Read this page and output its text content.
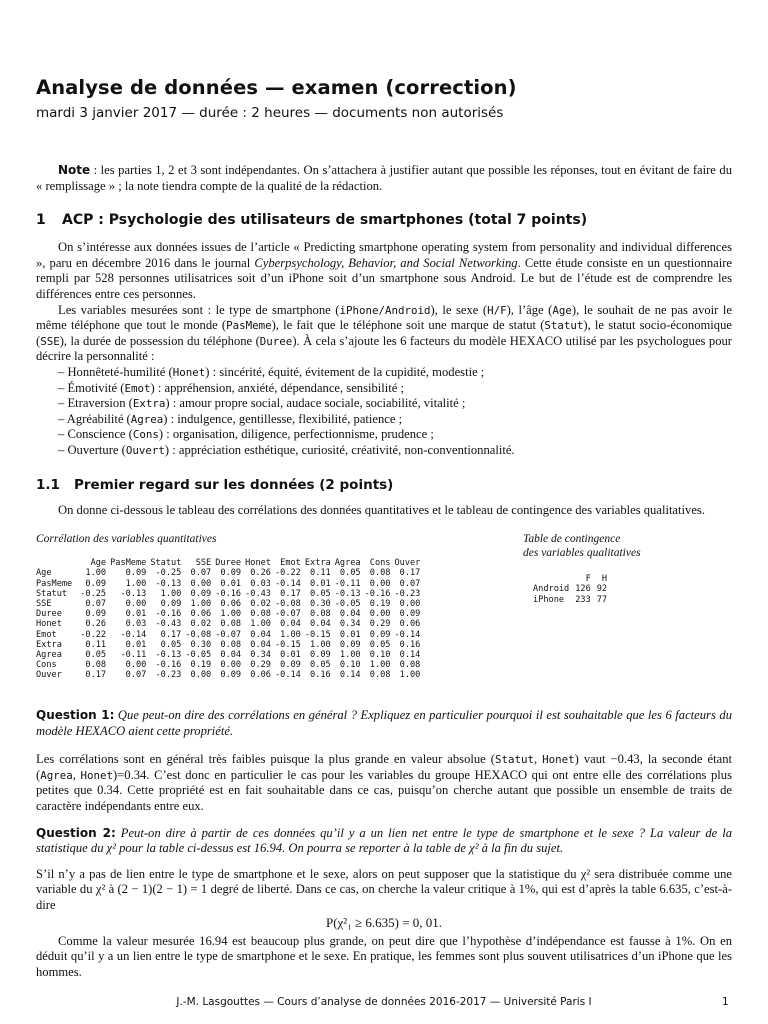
Analyse de données — examen (correction)
mardi 3 janvier 2017 — durée : 2 heures — documents non autorisés

Note : les parties 1, 2 et 3 sont indépendantes. On s’attachera à justifier autant que possible les réponses, tout en évitant de faire du « remplissage » ; la note tiendra compte de la qualité de la rédaction.

1 ACP : Psychologie des utilisateurs de smartphones (total 7 points)

On s’intéresse aux données issues de l’article « Predicting smartphone operating system from personality and individual differences », paru en décembre 2016 dans le journal Cyberpsychology, Behavior, and Social Networking. Cette étude consiste en un questionnaire rempli par 528 personnes utilisatrices soit d’un iPhone soit d’un smartphone sous Android. Le but de l’étude est de comprendre les différences entre ces personnes.

Les variables mesurées sont : le type de smartphone (iPhone/Android), le sexe (H/F), l’âge (Age), le souhait de ne pas avoir le même téléphone que tout le monde (PasMeme), le fait que le téléphone soit une marque de statut (Statut), le statut socio-économique (SSE), la durée de possession du téléphone (Duree). À cela s’ajoute les 6 facteurs du modèle HEXACO utilisé par les psychologues pour décrire la personnalité :

– Honnêteté-humilité (Honet) : sincérité, équité, évitement de la cupidité, modestie ;
– Émotivité (Emot) : appréhension, anxiété, dépendance, sensibilité ;
– Etraversion (Extra) : amour propre social, audace sociale, sociabilité, vitalité ;
– Agréabilité (Agrea) : indulgence, gentillesse, flexibilité, patience ;
– Conscience (Cons) : organisation, diligence, perfectionnisme, prudence ;
– Ouverture (Ouvert) : appréciation esthétique, curiosité, créativité, non-conventionnalité.
1.1 Premier regard sur les données (2 points)

On donne ci-dessous le tableau des corrélations des données quantitatives et le tableau de contingence des variables qualitatives.

Corrélation des variables quantitatives
	Age	PasMeme	Statut	SSE	Duree	Honet	Emot	Extra	Agrea	Cons	Ouver
Age	1.00	0.09	-0.25	0.07	0.09	0.26	-0.22	0.11	0.05	0.08	0.17
PasMeme	0.09	1.00	-0.13	0.00	0.01	0.03	-0.14	0.01	-0.11	0.00	0.07
Statut	-0.25	-0.13	1.00	0.09	-0.16	-0.43	0.17	0.05	-0.13	-0.16	-0.23
SSE	0.07	0.00	0.09	1.00	0.06	0.02	-0.08	0.30	-0.05	0.19	0.00
Duree	0.09	0.01	-0.16	0.06	1.00	0.08	-0.07	0.08	0.04	0.00	0.09
Honet	0.26	0.03	-0.43	0.02	0.08	1.00	0.04	0.04	0.34	0.29	0.06
Emot	-0.22	-0.14	0.17	-0.08	-0.07	0.04	1.00	-0.15	0.01	0.09	-0.14
Extra	0.11	0.01	0.05	0.30	0.08	0.04	-0.15	1.00	0.09	0.05	0.16
Agrea	0.05	-0.11	-0.13	-0.05	0.04	0.34	0.01	0.09	1.00	0.10	0.14
Cons	0.08	0.00	-0.16	0.19	0.00	0.29	0.09	0.05	0.10	1.00	0.08
Ouver	0.17	0.07	-0.23	0.00	0.09	0.06	-0.14	0.16	0.14	0.08	1.00
Table de contingence
des variables qualitatives
	F	H
Android	126	92
iPhone	233	77

Question 1: Que peut-on dire des corrélations en général ? Expliquez en particulier pourquoi il est souhaitable que les 6 facteurs du modèle HEXACO aient cette propriété.

Les corrélations sont en général très faibles puisque la plus grande en valeur absolue (Statut, Honet) vaut −0.43, la seconde étant (Agrea, Honet)=0.34. C’est donc en particulier le cas pour les variables du groupe HEXACO qui ont entre elle des corrélations plus petites que 0.34. Cette propriété est en fait souhaitable dans ce cas, puisqu’on cherche autant que possible un ensemble de traits de caractère indépendants entre eux.

Question 2: Peut-on dire à partir de ces données qu’il y a un lien net entre le type de smartphone et le sexe ? La valeur de la statistique du χ² pour la table ci-dessus est 16.94. On pourra se reporter à la table de χ² à la fin du sujet.

S’il n’y a pas de lien entre le type de smartphone et le sexe, alors on peut supposer que la statistique du χ² sera distribuée comme une variable du χ² à (2 − 1)(2 − 1) = 1 degré de liberté. Dans ce cas, on cherche la valeur critique à 1%, qui est d’après la table 6.635, c’est-à-dire

P(χ²₁ ≥ 6.635) = 0, 01.

Comme la valeur mesurée 16.94 est beaucoup plus grande, on peut dire que l’hypothèse d’indépendance est fausse à 1%. On en déduit qu’il y a un lien entre le type de smartphone et le sexe. En pratique, les femmes sont plus souvent utilisatrices d’un iPhone que les hommes.

J.-M. Lasgouttes — Cours d’analyse de données 2016-2017 — Université Paris I	1
